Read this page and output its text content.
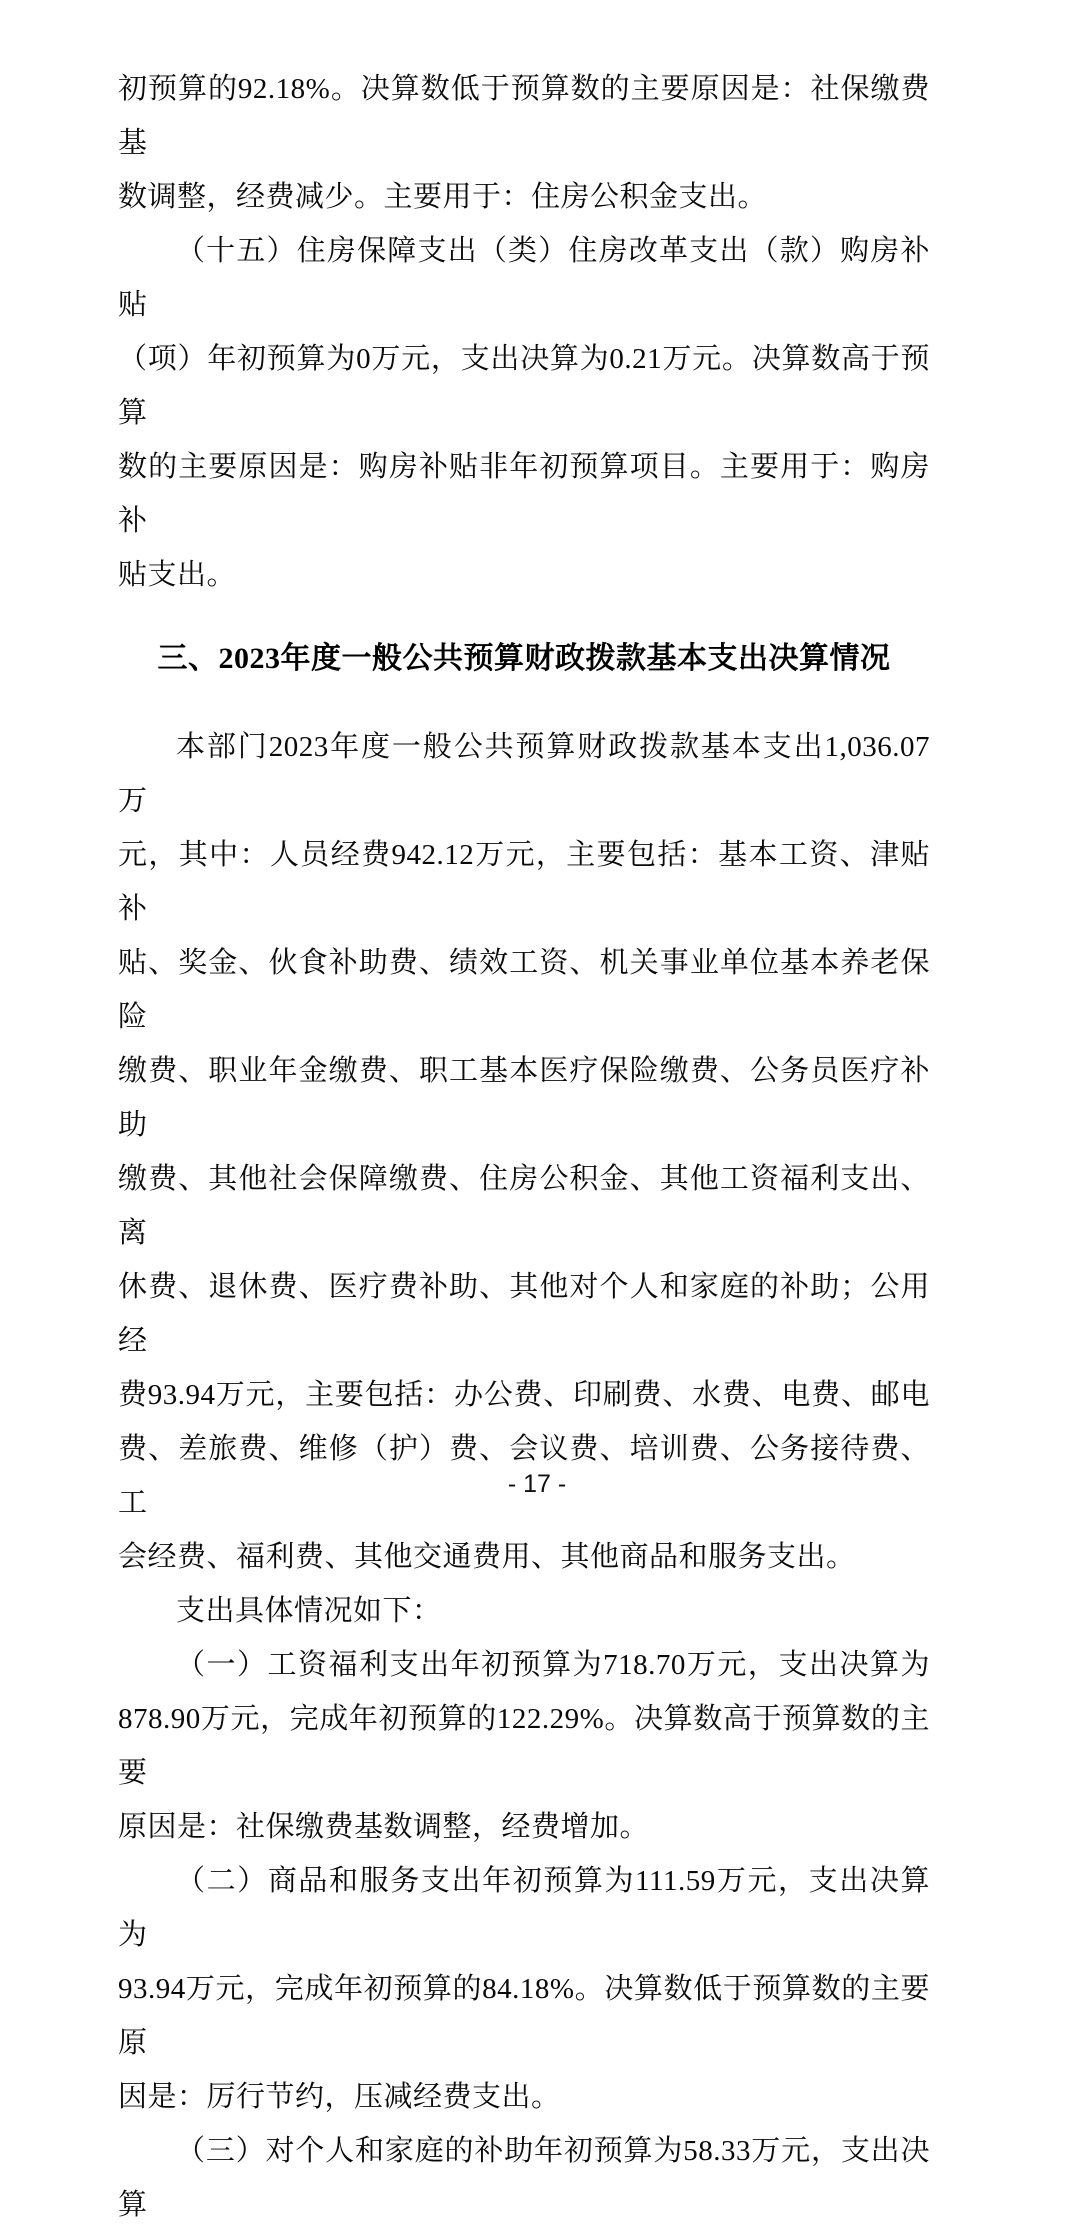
初预算的92.18%。决算数低于预算数的主要原因是：社保缴费基
数调整，经费减少。主要用于：住房公积金支出。
（十五）住房保障支出（类）住房改革支出（款）购房补贴
（项）年初预算为0万元，支出决算为0.21万元。决算数高于预算
数的主要原因是：购房补贴非年初预算项目。主要用于：购房补
贴支出。
三、2023年度一般公共预算财政拨款基本支出决算情况
本部门2023年度一般公共预算财政拨款基本支出1,036.07万
元，其中：人员经费942.12万元，主要包括：基本工资、津贴补
贴、奖金、伙食补助费、绩效工资、机关事业单位基本养老保险
缴费、职业年金缴费、职工基本医疗保险缴费、公务员医疗补助
缴费、其他社会保障缴费、住房公积金、其他工资福利支出、离
休费、退休费、医疗费补助、其他对个人和家庭的补助；公用经
费93.94万元，主要包括：办公费、印刷费、水费、电费、邮电
费、差旅费、维修（护）费、会议费、培训费、公务接待费、工
会经费、福利费、其他交通费用、其他商品和服务支出。
支出具体情况如下：
（一）工资福利支出年初预算为718.70万元，支出决算为
878.90万元，完成年初预算的122.29%。决算数高于预算数的主要
原因是：社保缴费基数调整，经费增加。
（二）商品和服务支出年初预算为111.59万元，支出决算为
93.94万元，完成年初预算的84.18%。决算数低于预算数的主要原
因是：厉行节约，压减经费支出。
（三）对个人和家庭的补助年初预算为58.33万元，支出决算
- 17 -
